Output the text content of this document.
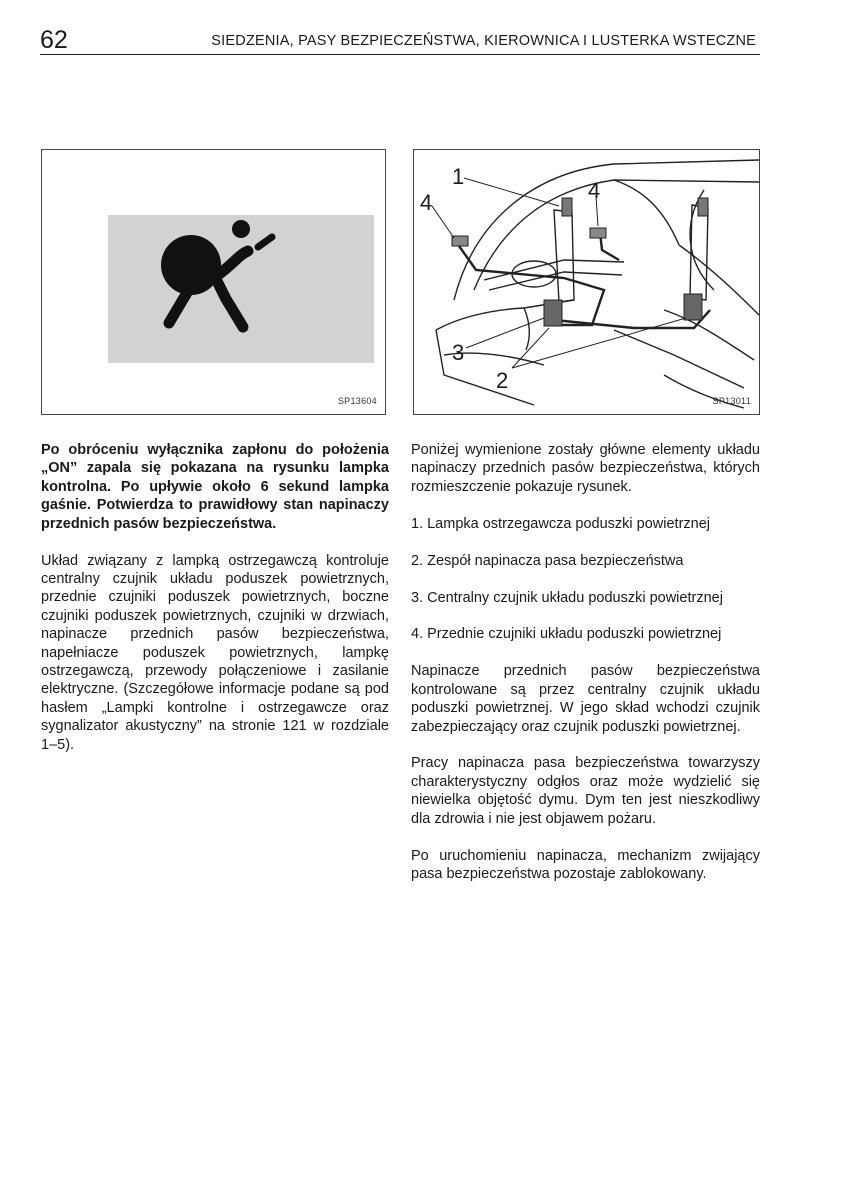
62	SIEDZENIA, PASY BEZPIECZEŃSTWA, KIEROWNICA I LUSTERKA WSTECZNE
SP13604
1
4	4
3
2
SP13011

Po obróceniu wyłącznika zapłonu do położenia „ON” zapala się pokazana na rysunku lampka kontrolna. Po upływie około 6 sekund lampka gaśnie. Potwierdza to prawidłowy stan napinaczy przednich pasów bezpieczeństwa.

Układ związany z lampką ostrzegawczą kontroluje centralny czujnik układu poduszek powietrznych, przednie czujniki poduszek powietrznych, boczne czujniki poduszek powietrznych, czujniki w drzwiach, napinacze przednich pasów bezpieczeństwa, napełniacze poduszek powietrznych, lampkę ostrzegawczą, przewody połączeniowe i zasilanie elektryczne. (Szczegółowe informacje podane są pod hasłem „Lampki kontrolne i ostrzegawcze oraz sygnalizator akustyczny” na stronie 121 w rozdziale 1–5).

Poniżej wymienione zostały główne elementy układu napinaczy przednich pasów bezpieczeństwa, których rozmieszczenie pokazuje rysunek.

1. Lampka ostrzegawcza poduszki powietrznej
2. Zespół napinacza pasa bezpieczeństwa
3. Centralny czujnik układu poduszki powietrznej
4. Przednie czujniki układu poduszki powietrznej

Napinacze przednich pasów bezpieczeństwa kontrolowane są przez centralny czujnik układu poduszki powietrznej. W jego skład wchodzi czujnik zabezpieczający oraz czujnik poduszki powietrznej.

Pracy napinacza pasa bezpieczeństwa towarzyszy charakterystyczny odgłos oraz może wydzielić się niewielka objętość dymu. Dym ten jest nieszkodliwy dla zdrowia i nie jest objawem pożaru.

Po uruchomieniu napinacza, mechanizm zwijający pasa bezpieczeństwa pozostaje zablokowany.
